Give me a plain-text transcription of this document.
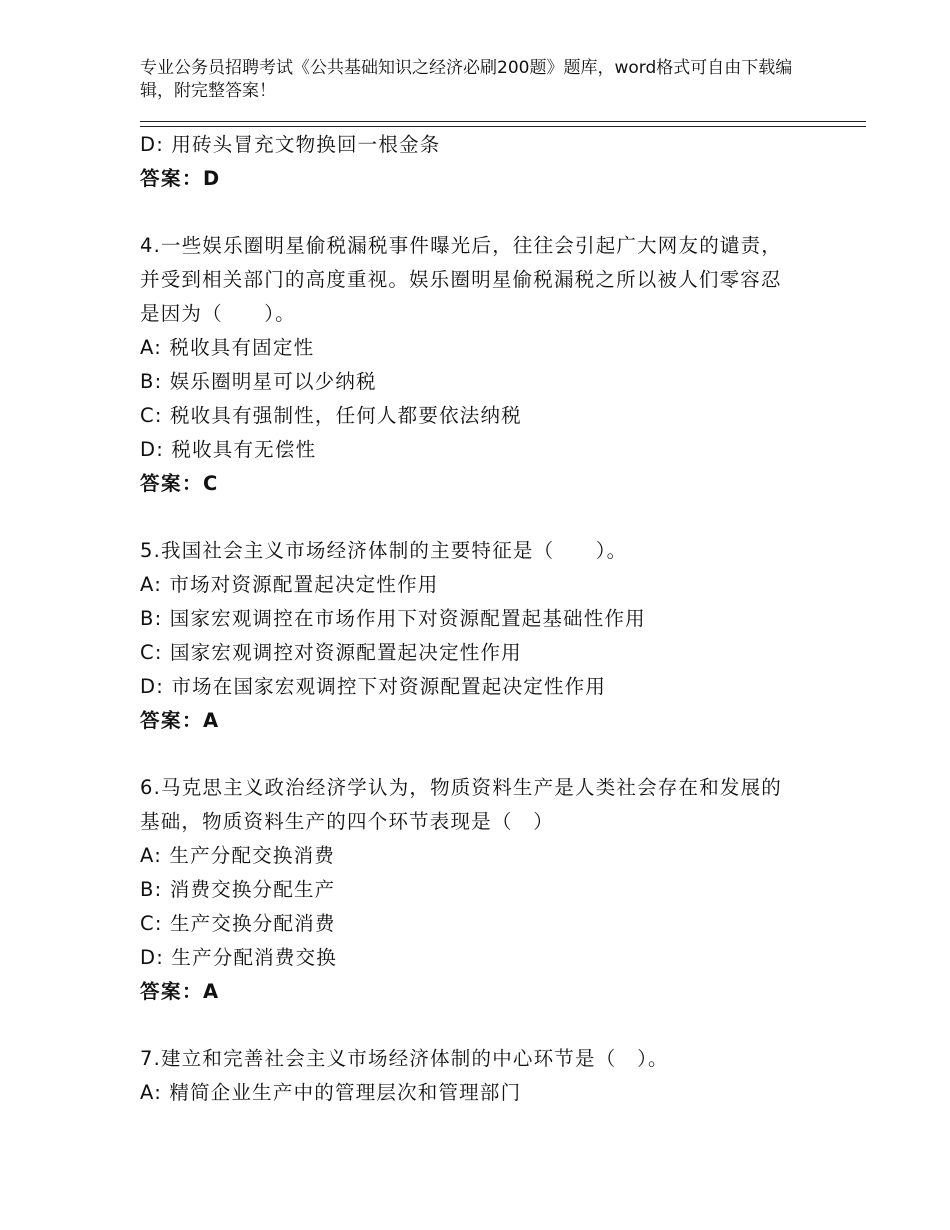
专业公务员招聘考试《公共基础知识之经济必刷200题》题库，word格式可自由下载编辑，附完整答案！
D: 用砖头冒充文物换回一根金条
答案：D
4.一些娱乐圈明星偷税漏税事件曝光后，往往会引起广大网友的谴责，并受到相关部门的高度重视。娱乐圈明星偷税漏税之所以被人们零容忍是因为（　　）。
A: 税收具有固定性
B: 娱乐圈明星可以少纳税
C: 税收具有强制性，任何人都要依法纳税
D: 税收具有无偿性
答案：C
5.我国社会主义市场经济体制的主要特征是（　　）。
A: 市场对资源配置起决定性作用
B: 国家宏观调控在市场作用下对资源配置起基础性作用
C: 国家宏观调控对资源配置起决定性作用
D: 市场在国家宏观调控下对资源配置起决定性作用
答案：A
6.马克思主义政治经济学认为，物质资料生产是人类社会存在和发展的基础，物质资料生产的四个环节表现是（　）
A: 生产分配交换消费
B: 消费交换分配生产
C: 生产交换分配消费
D: 生产分配消费交换
答案：A
7.建立和完善社会主义市场经济体制的中心环节是（　）。
A: 精简企业生产中的管理层次和管理部门
